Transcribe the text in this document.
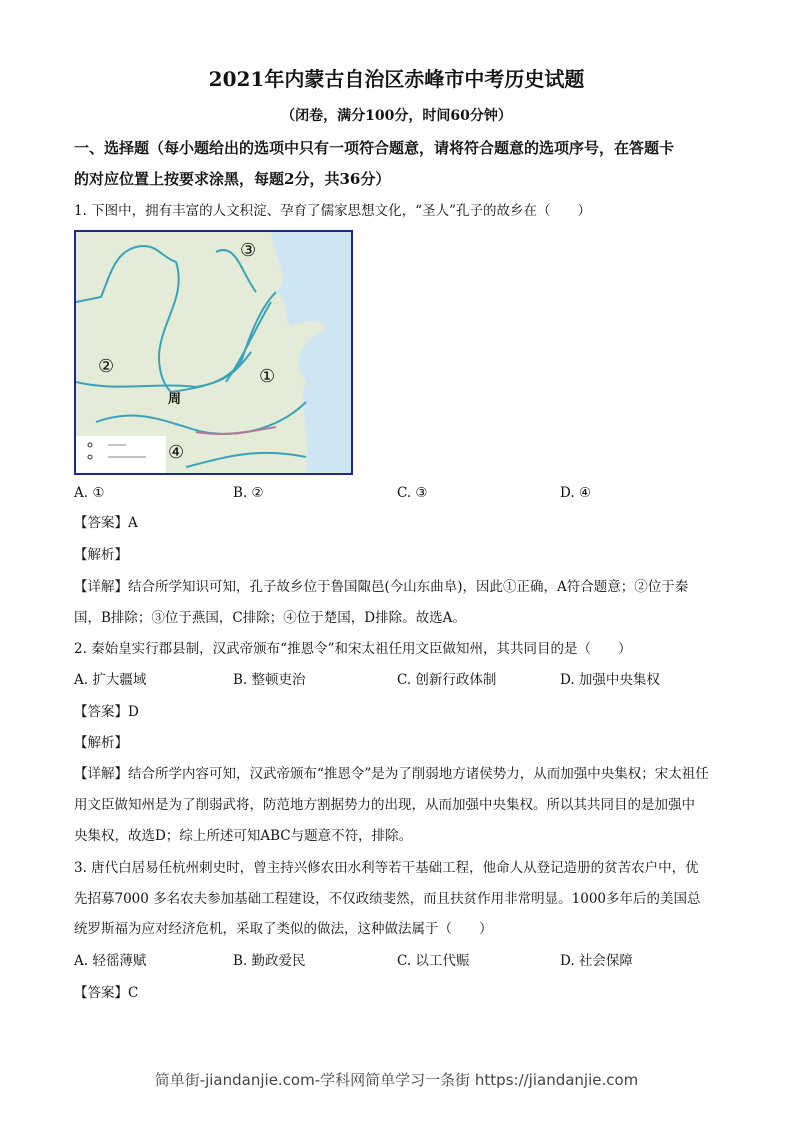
2021年内蒙古自治区赤峰市中考历史试题
（闭卷，满分100分，时间60分钟）
一、选择题（每小题给出的选项中只有一项符合题意，请将符合题意的选项序号，在答题卡
的对应位置上按要求涂黑，每题2分，共36分）
1. 下图中，拥有丰富的人文积淀、孕育了儒家思想文化，“圣人”孔子的故乡在（　　）
③
②	①
周
④
A. ①	B. ②	C. ③	D. ④
【答案】A
【解析】
【详解】结合所学知识可知，孔子故乡位于鲁国陬邑(今山东曲阜)，因此①正确，A符合题意；②位于秦
国，B排除；③位于燕国，C排除；④位于楚国，D排除。故选A。
2. 秦始皇实行郡县制，汉武帝颁布“推恩令”和宋太祖任用文臣做知州，其共同目的是（　　）
A. 扩大疆域	B. 整顿吏治	C. 创新行政体制	D. 加强中央集权
【答案】D
【解析】
【详解】结合所学内容可知，汉武帝颁布“推恩令”是为了削弱地方诸侯势力，从而加强中央集权；宋太祖任
用文臣做知州是为了削弱武将，防范地方割据势力的出现，从而加强中央集权。所以其共同目的是加强中
央集权，故选D；综上所述可知ABC与题意不符，排除。
3. 唐代白居易任杭州刺史时，曾主持兴修农田水利等若干基础工程，他命人从登记造册的贫苦农户中，优
先招募7000 多名农夫参加基础工程建设，不仅政绩斐然，而且扶贫作用非常明显。1000多年后的美国总
统罗斯福为应对经济危机，采取了类似的做法，这种做法属于（　　）
A. 轻徭薄赋	B. 勤政爱民	C. 以工代赈	D. 社会保障
【答案】C
简单街-jiandanjie.com-学科网简单学习一条街 https://jiandanjie.com
